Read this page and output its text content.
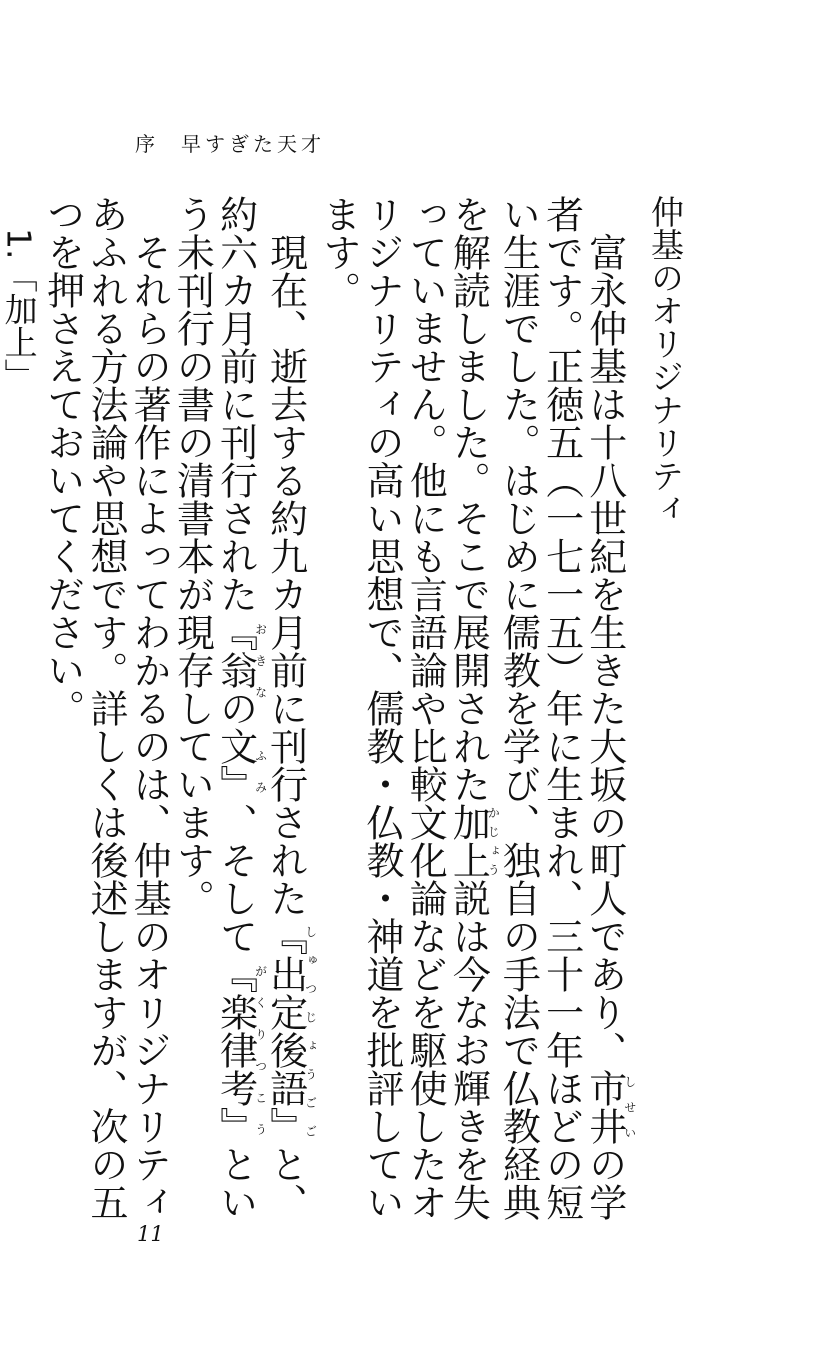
序 早すぎた天才

仲基のオリジナリティ

富永仲基は十八世紀を生きた大坂の町人であり、市井しせいの学者です。正徳五（一七一五）年に生まれ、三十一年ほどの短い生涯でした。はじめに儒教を学び、独自の手法で仏教経典を解読しました。そこで展開された加上かじょう説は今なお輝きを失っていません。他にも言語論や比較文化論などを駆使したオリジナリティの高い思想で、儒教・仏教・神道を批評しています。

現在、逝去する約九カ月前に刊行された『出定後語』しゅつじょうごごと、約六カ月前に刊行された『翁の文』おきな　ふみ、そして『楽律考』がくりつこうという未刊行の書の清書本が現存しています。

それらの著作によってわかるのは、仲基のオリジナリティあふれる方法論や思想です。詳しくは後述しますが、次の五つを押さえておいてください。

1.「加上」

11
